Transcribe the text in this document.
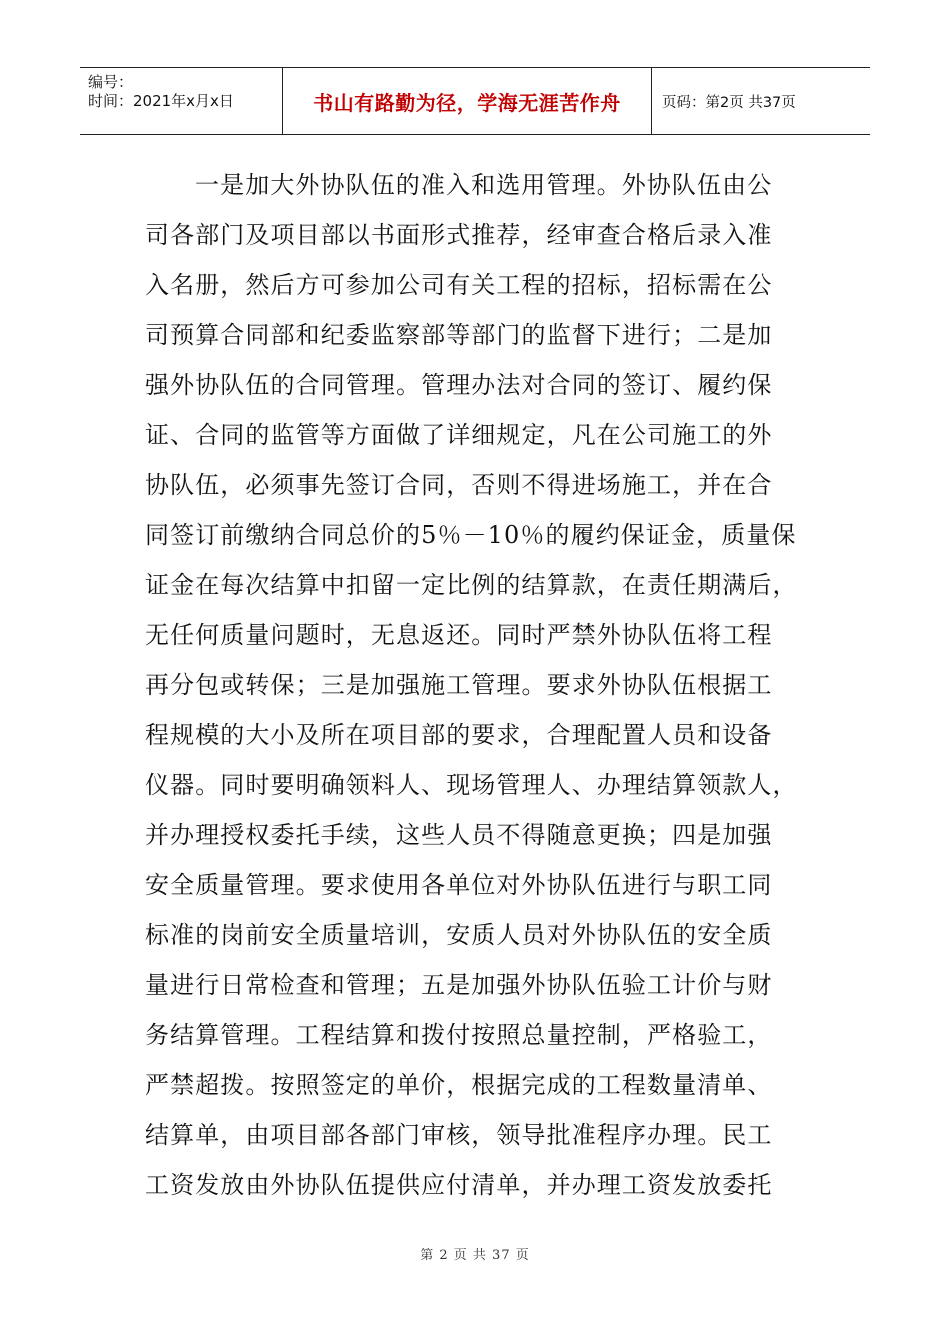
编号：
时间：2021年x月x日	书山有路勤为径，学海无涯苦作舟	页码：第2页 共37页
一是加大外协队伍的准入和选用管理。外协队伍由公
司各部门及项目部以书面形式推荐，经审查合格后录入准
入名册，然后方可参加公司有关工程的招标，招标需在公
司预算合同部和纪委监察部等部门的监督下进行；二是加
强外协队伍的合同管理。管理办法对合同的签订、履约保
证、合同的监管等方面做了详细规定，凡在公司施工的外
协队伍，必须事先签订合同，否则不得进场施工，并在合
同签订前缴纳合同总价的5％－10％的履约保证金，质量保
证金在每次结算中扣留一定比例的结算款，在责任期满后，
无任何质量问题时，无息返还。同时严禁外协队伍将工程
再分包或转保；三是加强施工管理。要求外协队伍根据工
程规模的大小及所在项目部的要求，合理配置人员和设备
仪器。同时要明确领料人、现场管理人、办理结算领款人，
并办理授权委托手续，这些人员不得随意更换；四是加强
安全质量管理。要求使用各单位对外协队伍进行与职工同
标准的岗前安全质量培训，安质人员对外协队伍的安全质
量进行日常检查和管理；五是加强外协队伍验工计价与财
务结算管理。工程结算和拨付按照总量控制，严格验工，
严禁超拨。按照签定的单价，根据完成的工程数量清单、
结算单，由项目部各部门审核，领导批准程序办理。民工
工资发放由外协队伍提供应付清单，并办理工资发放委托
第 2 页 共 37 页
